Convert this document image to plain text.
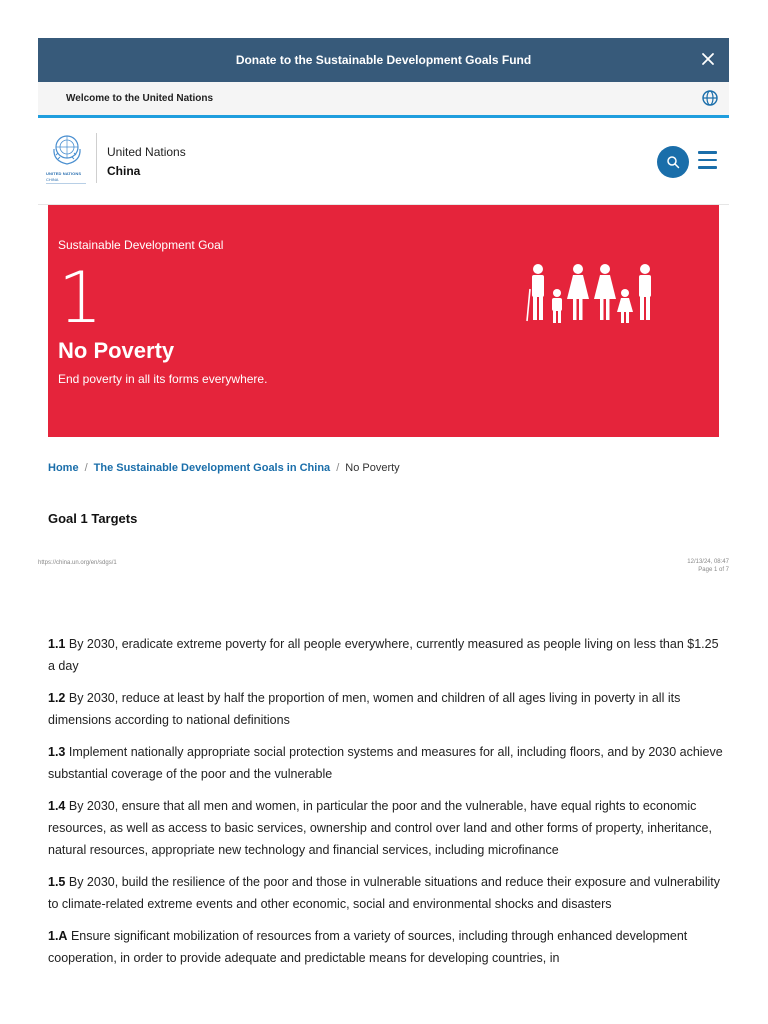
Donate to the Sustainable Development Goals Fund
Welcome to the United Nations
UNITED NATIONS
CHINA
United Nations
China
Sustainable Development Goal
1
No Poverty
End poverty in all its forms everywhere.
Home / The Sustainable Development Goals in China / No Poverty
Goal 1 Targets
https://china.un.org/en/sdgs/1	12/13/24, 08:47
Page 1 of 7

1.1 By 2030, eradicate extreme poverty for all people everywhere, currently measured as people living on less than $1.25 a day

1.2 By 2030, reduce at least by half the proportion of men, women and children of all ages living in poverty in all its dimensions according to national definitions

1.3 Implement nationally appropriate social protection systems and measures for all, including floors, and by 2030 achieve substantial coverage of the poor and the vulnerable

1.4 By 2030, ensure that all men and women, in particular the poor and the vulnerable, have equal rights to economic resources, as well as access to basic services, ownership and control over land and other forms of property, inheritance, natural resources, appropriate new technology and financial services, including microfinance

1.5 By 2030, build the resilience of the poor and those in vulnerable situations and reduce their exposure and vulnerability to climate-related extreme events and other economic, social and environmental shocks and disasters

1.A Ensure significant mobilization of resources from a variety of sources, including through enhanced development cooperation, in order to provide adequate and predictable means for developing countries, in
